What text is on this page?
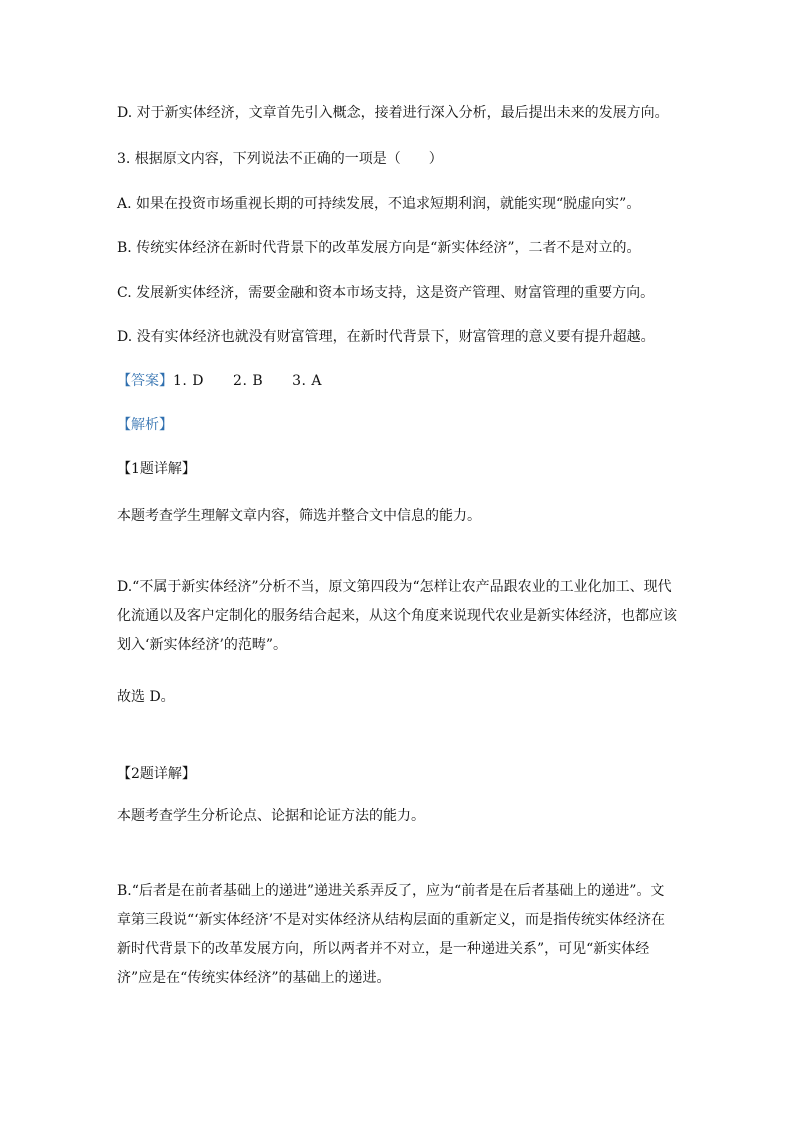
D. 对于新实体经济，文章首先引入概念，接着进行深入分析，最后提出未来的发展方向。
3. 根据原文内容，下列说法不正确的一项是（　　）
A. 如果在投资市场重视长期的可持续发展，不追求短期利润，就能实现“脱虚向实”。
B. 传统实体经济在新时代背景下的改革发展方向是“新实体经济”，二者不是对立的。
C. 发展新实体经济，需要金融和资本市场支持，这是资产管理、财富管理的重要方向。
D. 没有实体经济也就没有财富管理，在新时代背景下，财富管理的意义要有提升超越。
【答案】1. D　　2. B　　3. A
【解析】
【1题详解】
本题考查学生理解文章内容，筛选并整合文中信息的能力。
D.“不属于新实体经济”分析不当，原文第四段为“怎样让农产品跟农业的工业化加工、现代化流通以及客户定制化的服务结合起来，从这个角度来说现代农业是新实体经济，也都应该划入‘新实体经济’的范畴”。
故选 D。
【2题详解】
本题考查学生分析论点、论据和论证方法的能力。
B.“后者是在前者基础上的递进”递进关系弄反了，应为“前者是在后者基础上的递进”。文章第三段说“‘新实体经济’不是对实体经济从结构层面的重新定义，而是指传统实体经济在新时代背景下的改革发展方向，所以两者并不对立，是一种递进关系”，可见“新实体经济”应是在“传统实体经济”的基础上的递进。
